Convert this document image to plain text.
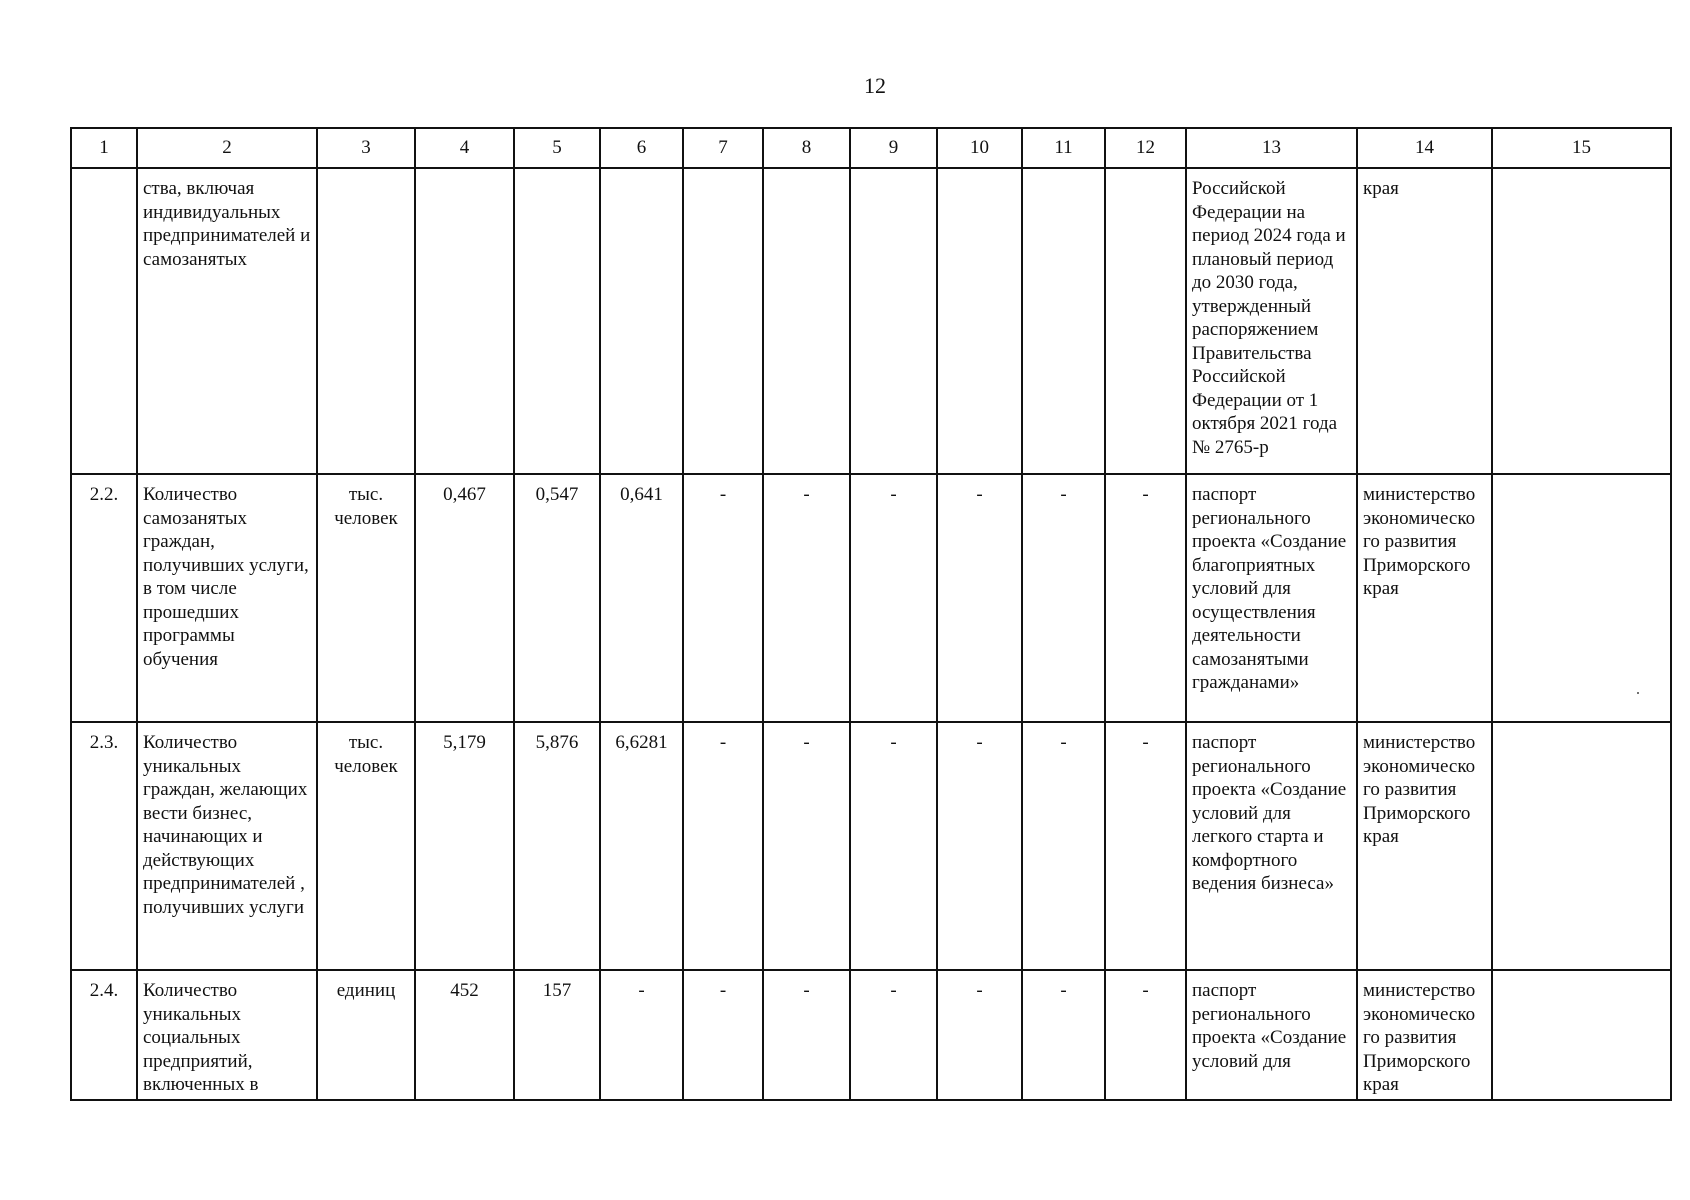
12
1	2	3	4	5	6	7	8	9	10	11	12	13	14	15
	ства, включая индивидуальных предпринимателей и самозанятых											Российской Федерации на период 2024 года и плановый период до 2030 года, утвержденный распоряжением Правительства Российской Федерации от 1 октября 2021 года № 2765-р	края	
2.2.	Количество самозанятых граждан, получивших услуги, в том числе прошедших программы обучения	тыс. человек	0,467	0,547	0,641	-	-	-	-	-	-	паспорт регионального проекта «Создание благоприятных условий для осуществления деятельности самозанятыми гражданами»	министерство экономическо го развития Приморского края	
2.3.	Количество уникальных граждан, желающих вести бизнес, начинающих и действующих предпринимателей , получивших услуги	тыс. человек	5,179	5,876	6,6281	-	-	-	-	-	-	паспорт регионального проекта «Создание условий для легкого старта и комфортного ведения бизнеса»	министерство экономическо го развития Приморского края	
2.4.	Количество уникальных социальных предприятий, включенных в	единиц	452	157	-	-	-	-	-	-	-	паспорт регионального проекта «Создание условий для	министерство экономическо го развития Приморского края	
